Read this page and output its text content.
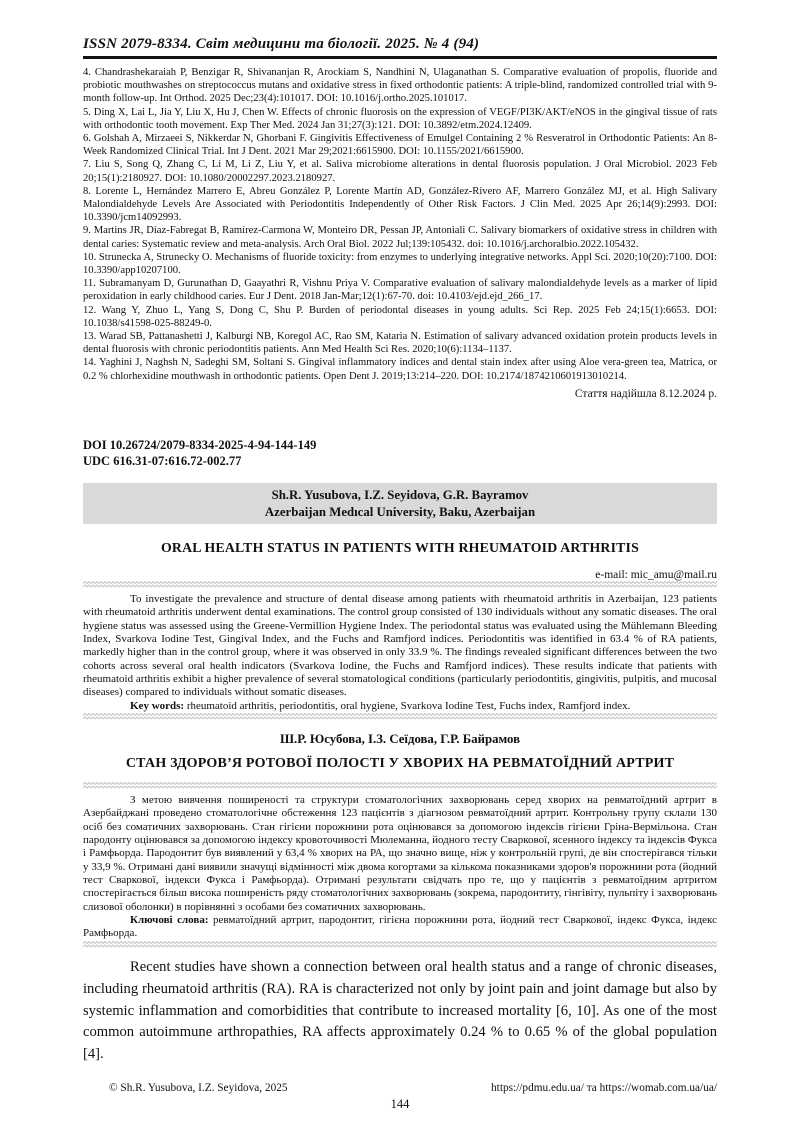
ISSN 2079-8334. Світ медицини та біології. 2025. № 4 (94)

4. Chandrashekaraiah P, Benzigar R, Shivananjan R, Arockiam S, Nandhini N, Ulaganathan S. Comparative evaluation of propolis, fluoride and probiotic mouthwashes on streptococcus mutans and oxidative stress in fixed orthodontic patients: A triple-blind, randomized controlled trial with 9-month follow-up. Int Orthod. 2025 Dec;23(4):101017. DOI: 10.1016/j.ortho.2025.101017.

5. Ding X, Lai L, Jia Y, Liu X, Hu J, Chen W. Effects of chronic fluorosis on the expression of VEGF/PI3K/AKT/eNOS in the gingival tissue of rats with orthodontic tooth movement. Exp Ther Med. 2024 Jan 31;27(3):121. DOI: 10.3892/etm.2024.12409.

6. Golshah A, Mirzaeei S, Nikkerdar N, Ghorbani F. Gingivitis Effectiveness of Emulgel Containing 2 % Resveratrol in Orthodontic Patients: An 8-Week Randomized Clinical Trial. Int J Dent. 2021 Mar 29;2021:6615900. DOI: 10.1155/2021/6615900.

7. Liu S, Song Q, Zhang C, Li M, Li Z, Liu Y, et al. Saliva microbiome alterations in dental fluorosis population. J Oral Microbiol. 2023 Feb 20;15(1):2180927. DOI: 10.1080/20002297.2023.2180927.

8. Lorente L, Hernández Marrero E, Abreu González P, Lorente Martín AD, González-Rivero AF, Marrero González MJ, et al. High Salivary Malondialdehyde Levels Are Associated with Periodontitis Independently of Other Risk Factors. J Clin Med. 2025 Apr 26;14(9):2993. DOI: 10.3390/jcm14092993.

9. Martins JR, Díaz-Fabregat B, Ramírez-Carmona W, Monteiro DR, Pessan JP, Antoniali C. Salivary biomarkers of oxidative stress in children with dental caries: Systematic review and meta-analysis. Arch Oral Biol. 2022 Jul;139:105432. doi: 10.1016/j.archoralbio.2022.105432.

10. Strunecka A, Strunecky O. Mechanisms of fluoride toxicity: from enzymes to underlying integrative networks. Appl Sci. 2020;10(20):7100. DOI: 10.3390/app10207100.

11. Subramanyam D, Gurunathan D, Gaayathri R, Vishnu Priya V. Comparative evaluation of salivary malondialdehyde levels as a marker of lipid peroxidation in early childhood caries. Eur J Dent. 2018 Jan-Mar;12(1):67-70. doi: 10.4103/ejd.ejd_266_17.

12. Wang Y, Zhuo L, Yang S, Dong C, Shu P. Burden of periodontal diseases in young adults. Sci Rep. 2025 Feb 24;15(1):6653. DOI: 10.1038/s41598-025-88249-0.

13. Warad SB, Pattanashetti J, Kalburgi NB, Koregol AC, Rao SM, Kataria N. Estimation of salivary advanced oxidation protein products levels in dental fluorosis with chronic periodontitis patients. Ann Med Health Sci Res. 2020;10(6):1134–1137.

14. Yaghini J, Naghsh N, Sadeghi SM, Soltani S. Gingival inflammatory indices and dental stain index after using Aloe vera-green tea, Matrica, or 0.2 % chlorhexidine mouthwash in orthodontic patients. Open Dent J. 2019;13:214–220. DOI: 10.2174/1874210601913010214.

Стаття надійшла 8.12.2024 р.

DOI 10.26724/2079-8334-2025-4-94-144-149

UDC 616.31-07:616.72-002.77

Sh.R. Yusubova, I.Z. Seyidova, G.R. Bayramov

Azerbaijan Medıcal University, Baku, Azerbaijan

ORAL HEALTH STATUS IN PATIENTS WITH RHEUMATOID ARTHRITIS

e-mail: mic_amu@mail.ru

To investigate the prevalence and structure of dental disease among patients with rheumatoid arthritis in Azerbaijan, 123 patients with rheumatoid arthritis underwent dental examinations. The control group consisted of 130 individuals without any somatic diseases. The oral hygiene status was assessed using the Greene-Vermillion Hygiene Index. The periodontal status was evaluated using the Mühlemann Bleeding Index, Svarkova Iodine Test, Gingival Index, and the Fuchs and Ramfjord indices. Periodontitis was identified in 63.4 % of RA patients, markedly higher than in the control group, where it was observed in only 33.9 %. The findings revealed significant differences between the two cohorts across several oral health indicators (Svarkova Iodine, the Fuchs and Ramfjord indices). These results indicate that patients with rheumatoid arthritis exhibit a higher prevalence of several stomatological conditions (particularly periodontitis, gingivitis, pulpitis, and mucosal diseases) compared to individuals without somatic diseases.

Key words: rheumatoid arthritis, periodontitis, oral hygiene, Svarkova Iodine Test, Fuchs index, Ramfjord index.

Ш.Р. Юсубова, І.З. Сеїдова, Г.Р. Байрамов

СТАН ЗДОРОВ’Я РОТОВОЇ ПОЛОСТІ У ХВОРИХ НА РЕВМАТОЇДНИЙ АРТРИТ

З метою вивчення поширеності та структури стоматологічних захворювань серед хворих на ревматоїдний артрит в Азербайджані проведено стоматологічне обстеження 123 пацієнтів з діагнозом ревматоїдний артрит. Контрольну групу склали 130 осіб без соматичних захворювань. Стан гігієни порожнини рота оцінювався за допомогою індексів гігієни Гріна-Вермільона. Стан пародонту оцінювався за допомогою індексу кровоточивості Мюлеманна, йодного тесту Сваркової, ясенного індексу та індексів Фукса і Рамфьорда. Пародонтит був виявлений у 63,4 % хворих на РА, що значно вище, ніж у контрольній групі, де він спостерігався тільки у 33,9 %. Отримані дані виявили значущі відмінності між двома когортами за кількома показниками здоров'я порожнини рота (йодний тест Сваркової, індекси Фукса і Рамфьорда). Отримані результати свідчать про те, що у пацієнтів з ревматоїдним артритом спостерігається більш висока поширеність ряду стоматологічних захворювань (зокрема, пародонтиту, гінгівіту, пульпіту і захворювань слизової оболонки) в порівнянні з особами без соматичних захворювань.

Ключові слова: ревматоїдний артрит, пародонтит, гігієна порожнини рота, йодний тест Сваркової, індекс Фукса, індекс Рамфьорда.

Recent studies have shown a connection between oral health status and a range of chronic diseases, including rheumatoid arthritis (RA). RA is characterized not only by joint pain and joint damage but also by systemic inflammation and comorbidities that contribute to increased mortality [6, 10]. As one of the most common autoimmune arthropathies, RA affects approximately 0.24 % to 0.65 % of the global population [4].

© Sh.R. Yusubova, I.Z. Seyidova, 2025	https://pdmu.edu.ua/ та https://womab.com.ua/ua/
144
